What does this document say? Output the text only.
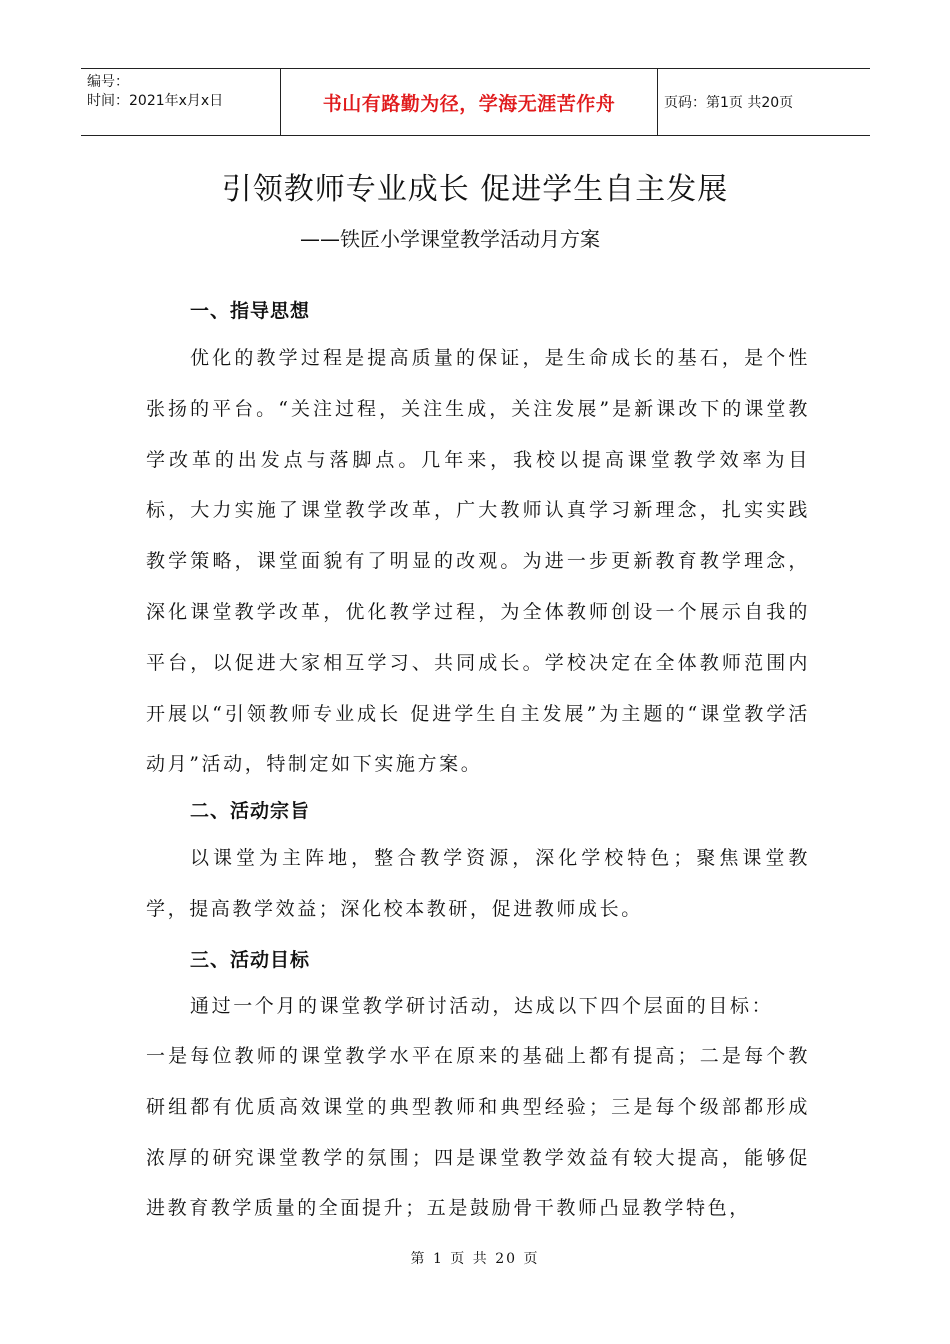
编号：
时间：2021年x月x日	书山有路勤为径，学海无涯苦作舟	页码：第1页 共20页
引领教师专业成长 促进学生自主发展
——铁匠小学课堂教学活动月方案
一、指导思想
优化的教学过程是提高质量的保证，是生命成长的基石，是个性张扬的平台。“关注过程，关注生成，关注发展”是新课改下的课堂教学改革的出发点与落脚点。几年来，我校以提高课堂教学效率为目标，大力实施了课堂教学改革，广大教师认真学习新理念，扎实实践教学策略，课堂面貌有了明显的改观。为进一步更新教育教学理念，深化课堂教学改革，优化教学过程，为全体教师创设一个展示自我的平台，以促进大家相互学习、共同成长。学校决定在全体教师范围内开展以“引领教师专业成长 促进学生自主发展”为主题的“课堂教学活动月”活动，特制定如下实施方案。
二、活动宗旨
以课堂为主阵地，整合教学资源，深化学校特色；聚焦课堂教学，提高教学效益；深化校本教研，促进教师成长。
三、活动目标
通过一个月的课堂教学研讨活动，达成以下四个层面的目标：
一是每位教师的课堂教学水平在原来的基础上都有提高；二是每个教研组都有优质高效课堂的典型教师和典型经验；三是每个级部都形成浓厚的研究课堂教学的氛围；四是课堂教学效益有较大提高，能够促进教育教学质量的全面提升；五是鼓励骨干教师凸显教学特色，
第 1 页 共 20 页
